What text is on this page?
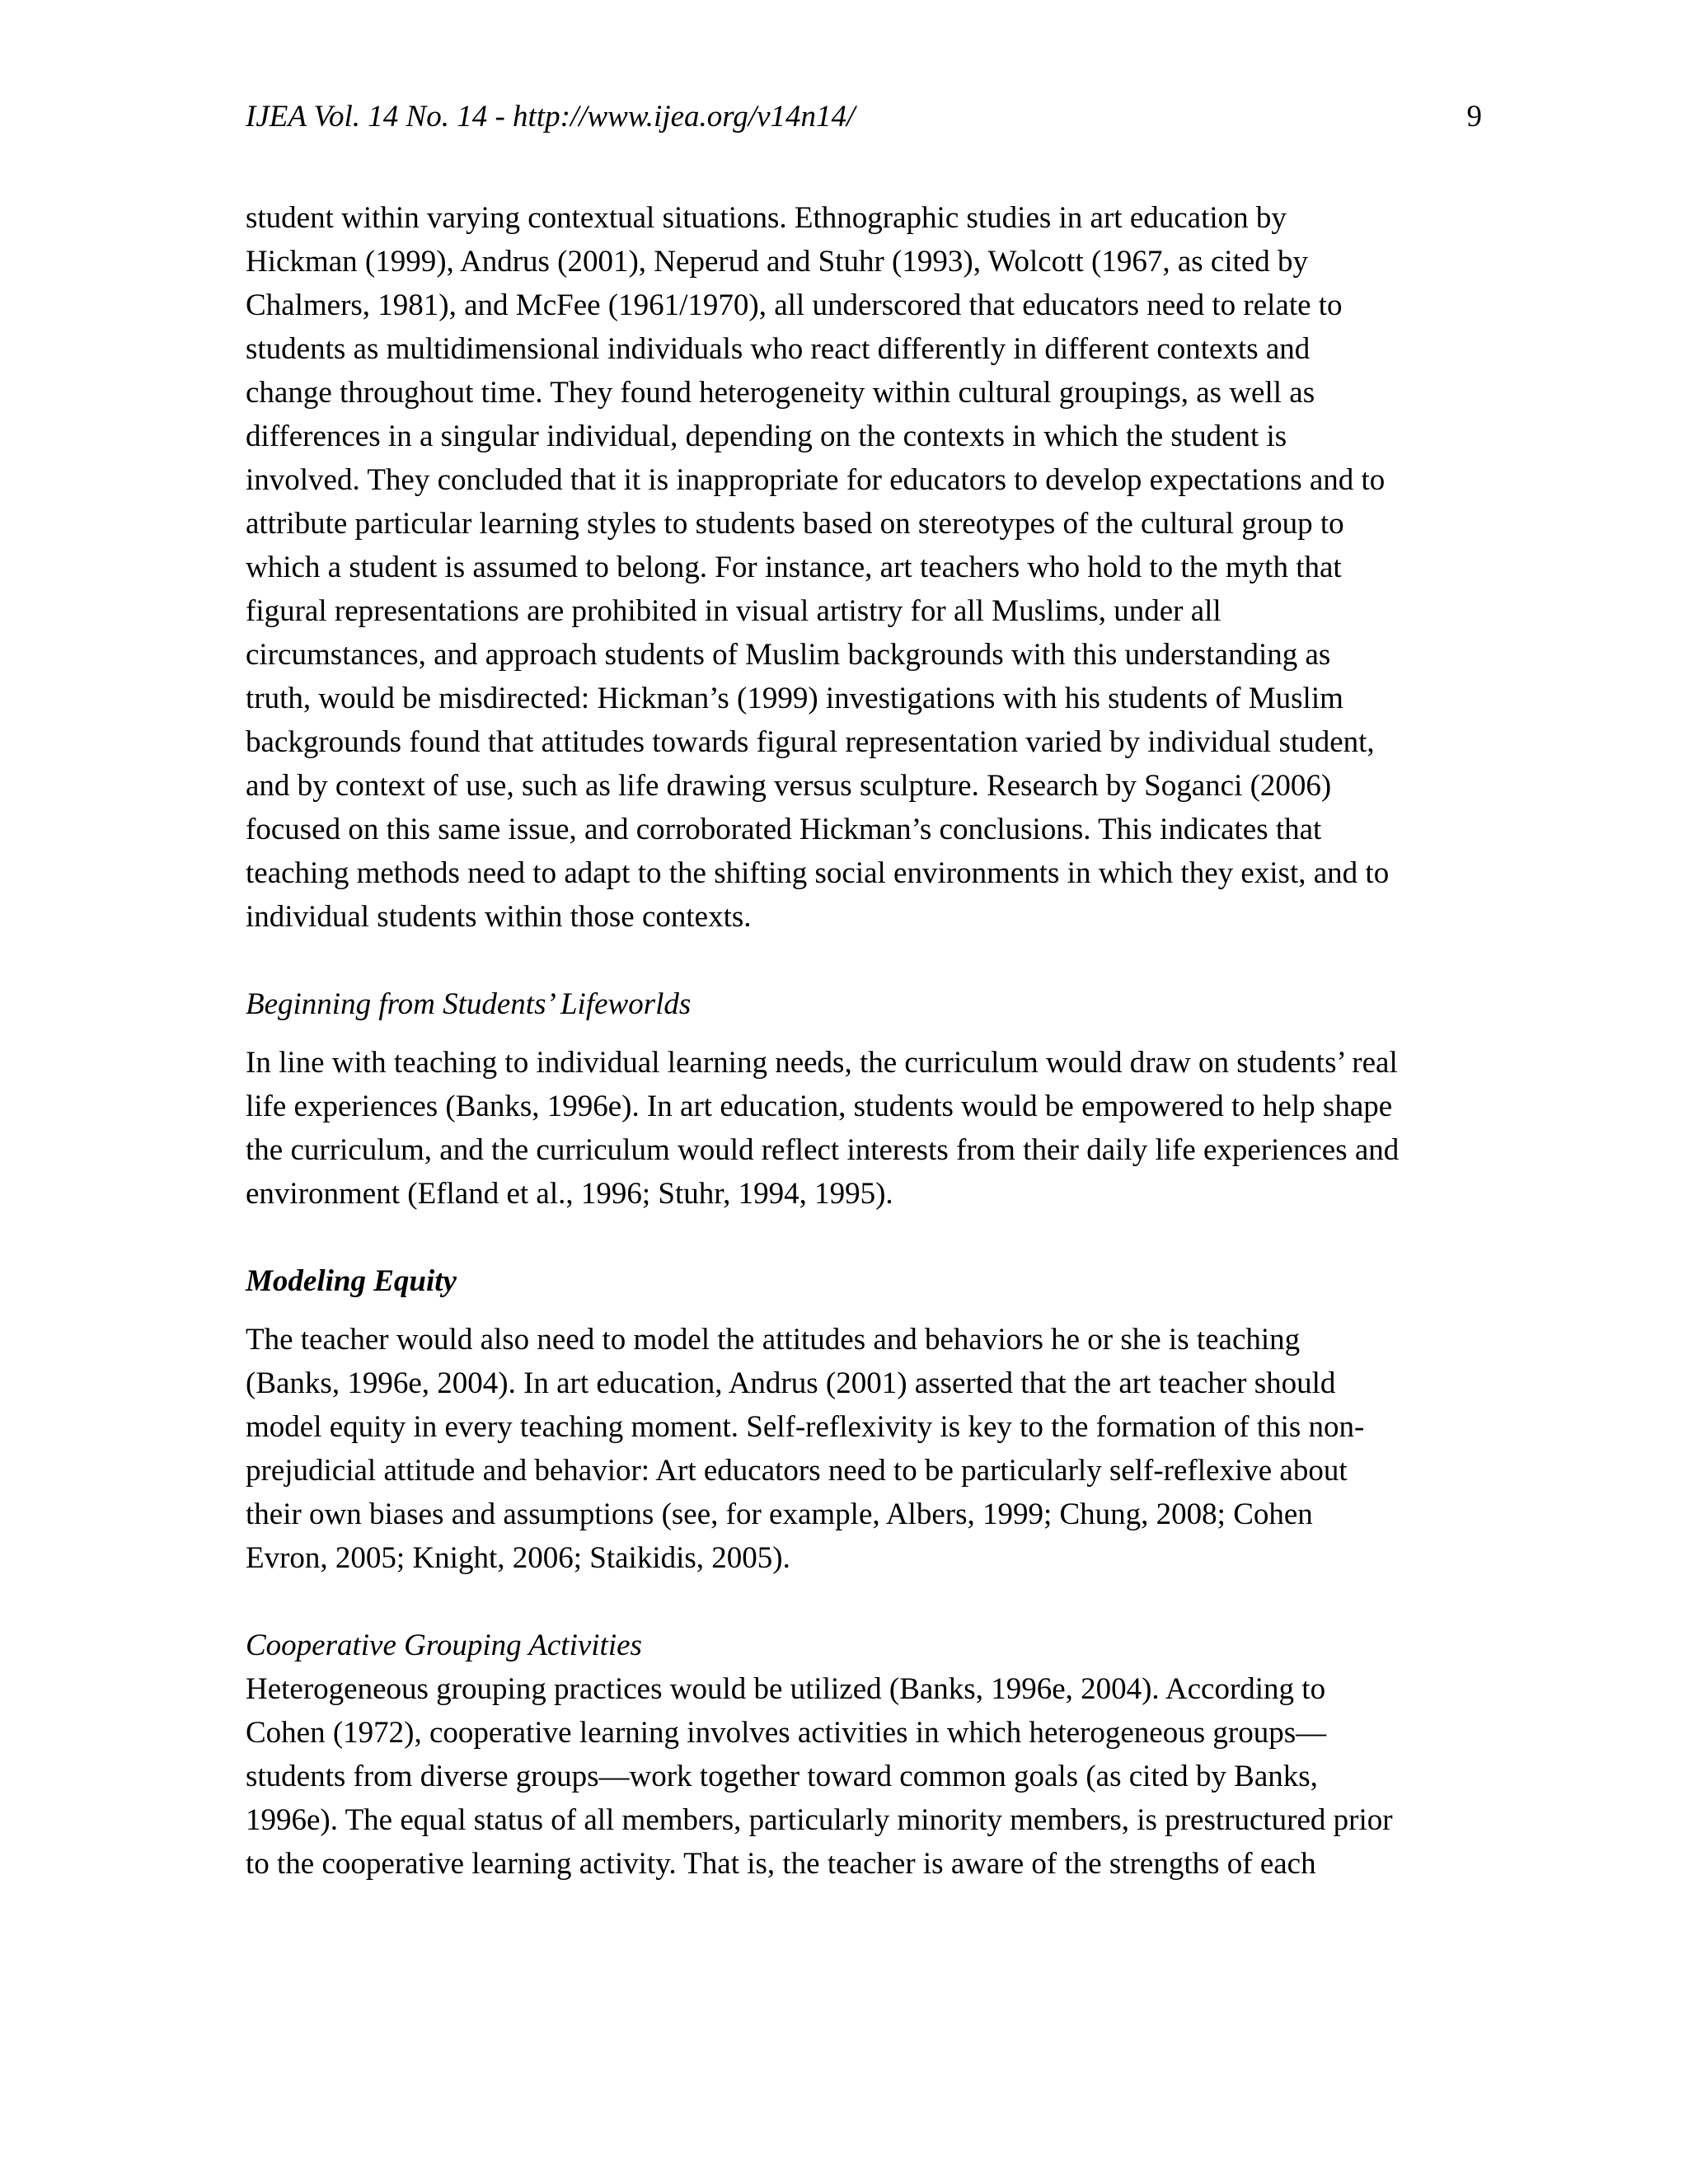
IJEA Vol. 14 No. 14 - http://www.ijea.org/v14n14/	9
student within varying contextual situations. Ethnographic studies in art education by
Hickman (1999), Andrus (2001), Neperud and Stuhr (1993), Wolcott (1967, as cited by
Chalmers, 1981), and McFee (1961/1970), all underscored that educators need to relate to
students as multidimensional individuals who react differently in different contexts and
change throughout time. They found heterogeneity within cultural groupings, as well as
differences in a singular individual, depending on the contexts in which the student is
involved. They concluded that it is inappropriate for educators to develop expectations and to
attribute particular learning styles to students based on stereotypes of the cultural group to
which a student is assumed to belong. For instance, art teachers who hold to the myth that
figural representations are prohibited in visual artistry for all Muslims, under all
circumstances, and approach students of Muslim backgrounds with this understanding as
truth, would be misdirected: Hickman’s (1999) investigations with his students of Muslim
backgrounds found that attitudes towards figural representation varied by individual student,
and by context of use, such as life drawing versus sculpture. Research by Soganci (2006)
focused on this same issue, and corroborated Hickman’s conclusions. This indicates that
teaching methods need to adapt to the shifting social environments in which they exist, and to
individual students within those contexts.
Beginning from Students’ Lifeworlds
In line with teaching to individual learning needs, the curriculum would draw on students’ real
life experiences (Banks, 1996e). In art education, students would be empowered to help shape
the curriculum, and the curriculum would reflect interests from their daily life experiences and
environment (Efland et al., 1996; Stuhr, 1994, 1995).
Modeling Equity
The teacher would also need to model the attitudes and behaviors he or she is teaching
(Banks, 1996e, 2004). In art education, Andrus (2001) asserted that the art teacher should
model equity in every teaching moment. Self-reflexivity is key to the formation of this non-
prejudicial attitude and behavior: Art educators need to be particularly self-reflexive about
their own biases and assumptions (see, for example, Albers, 1999; Chung, 2008; Cohen
Evron, 2005; Knight, 2006; Staikidis, 2005).
Cooperative Grouping Activities
Heterogeneous grouping practices would be utilized (Banks, 1996e, 2004). According to
Cohen (1972), cooperative learning involves activities in which heterogeneous groups—
students from diverse groups—work together toward common goals (as cited by Banks,
1996e). The equal status of all members, particularly minority members, is prestructured prior
to the cooperative learning activity. That is, the teacher is aware of the strengths of each
